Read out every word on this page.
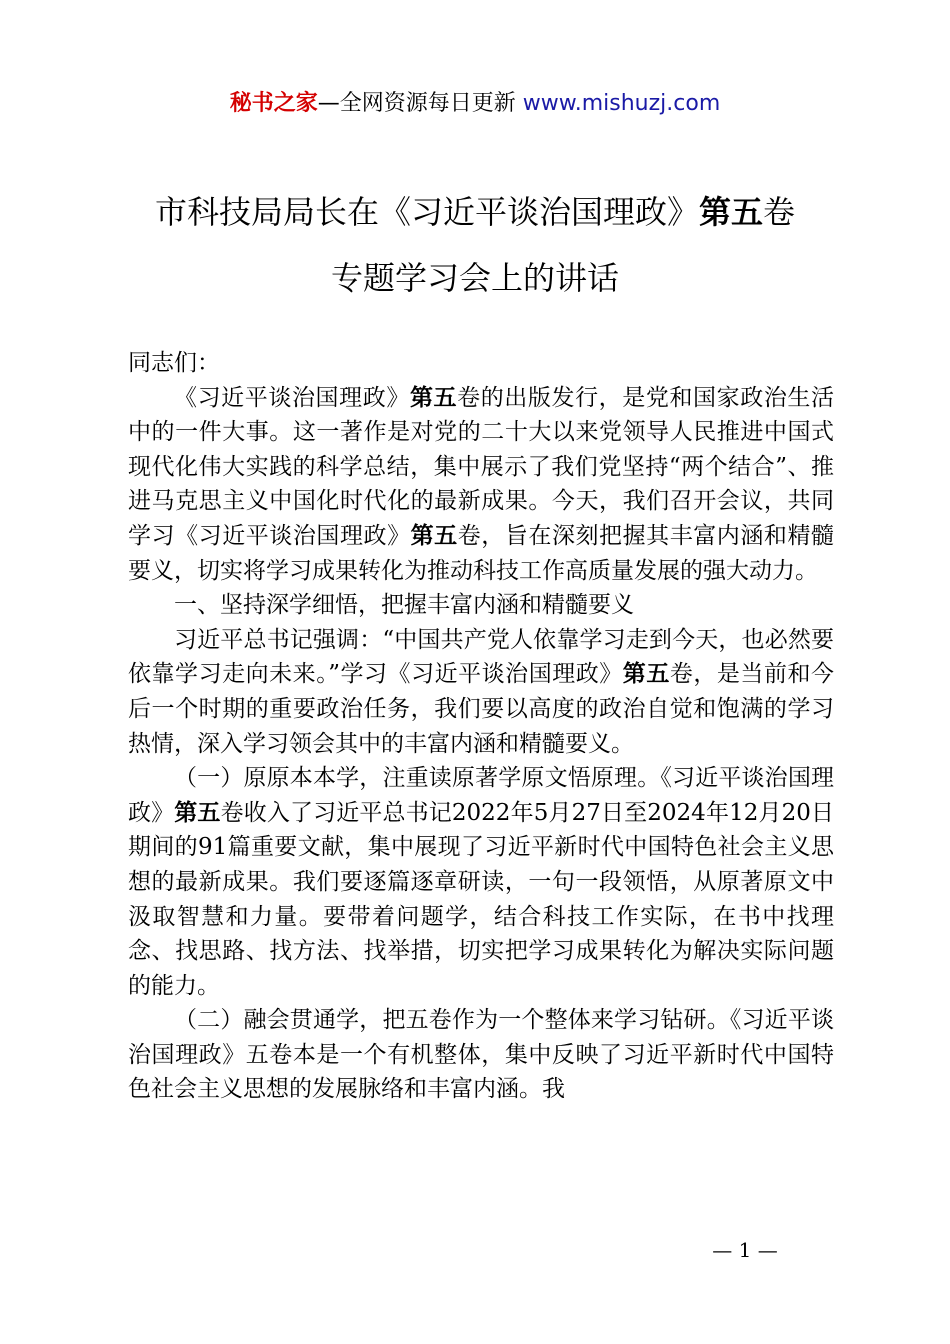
秘书之家—全网资源每日更新 www.mishuzj.com
市科技局局长在《习近平谈治国理政》第五卷
专题学习会上的讲话

同志们：

《习近平谈治国理政》第五卷的出版发行，是党和国家政治生活中的一件大事。这一著作是对党的二十大以来党领导人民推进中国式现代化伟大实践的科学总结，集中展示了我们党坚持“两个结合”、推进马克思主义中国化时代化的最新成果。今天，我们召开会议，共同学习《习近平谈治国理政》第五卷，旨在深刻把握其丰富内涵和精髓要义，切实将学习成果转化为推动科技工作高质量发展的强大动力。

一、坚持深学细悟，把握丰富内涵和精髓要义

习近平总书记强调：“中国共产党人依靠学习走到今天，也必然要依靠学习走向未来。”学习《习近平谈治国理政》第五卷，是当前和今后一个时期的重要政治任务，我们要以高度的政治自觉和饱满的学习热情，深入学习领会其中的丰富内涵和精髓要义。

（一）原原本本学，注重读原著学原文悟原理。《习近平谈治国理政》第五卷收入了习近平总书记2022年5月27日至2024年12月20日期间的91篇重要文献，集中展现了习近平新时代中国特色社会主义思想的最新成果。我们要逐篇逐章研读，一句一段领悟，从原著原文中汲取智慧和力量。要带着问题学，结合科技工作实际，在书中找理念、找思路、找方法、找举措，切实把学习成果转化为解决实际问题的能力。

（二）融会贯通学，把五卷作为一个整体来学习钻研。《习近平谈治国理政》五卷本是一个有机整体，集中反映了习近平新时代中国特色社会主义思想的发展脉络和丰富内涵。我

— 1 —
